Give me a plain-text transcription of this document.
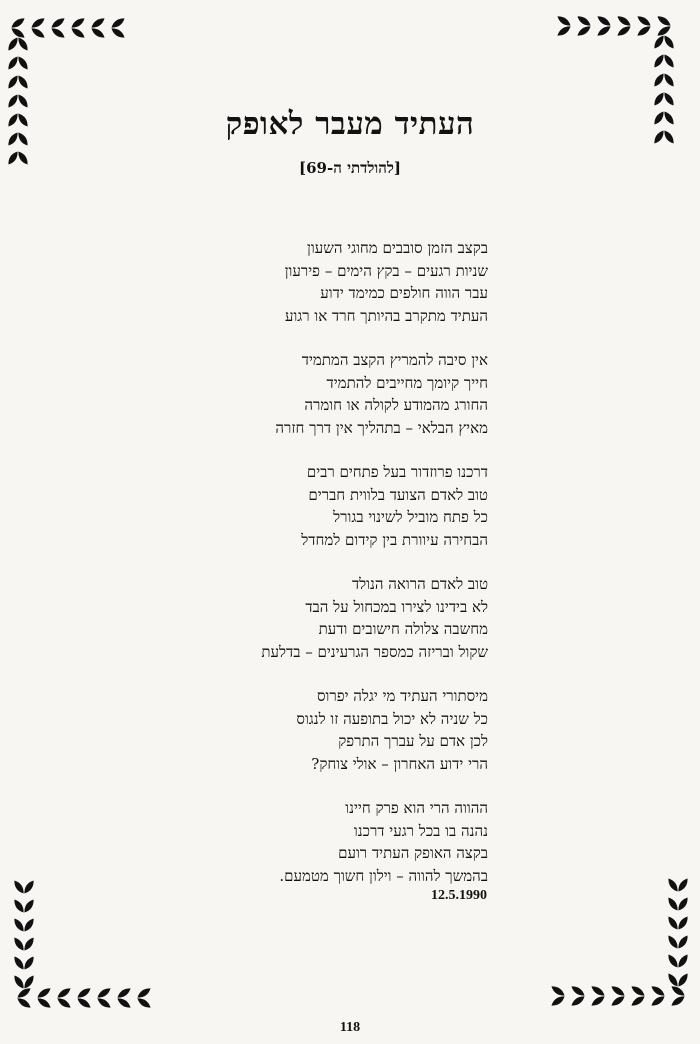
העתיד מעבר לאופק
[להולדתי ה-69]
בקצב הזמן סובבים מחוגי השעון
שניות רגעים – בקץ הימים – פירעון
עבר הווה חולפים כמימד ידוע
העתיד מתקרב בהיותך חרד או רגוע
אין סיבה להמריץ הקצב המתמיד
חייך קיומך מחייבים להתמיד
החורג מהמודע לקולה או חומרה
מאיץ הבלאי – בתהליך אין דרך חזרה
דרכנו פרוזדור בעל פתחים רבים
טוב לאדם הצועד בלווית חברים
כל פתח מוביל לשינוי בגורל
הבחירה עיוורת בין קידום למחדל
טוב לאדם הרואה הנולד
לא בידינו לצירו במכחול על הבד
מחשבה צלולה חישובים ודעת
שקול ובריזה כמספר הגרעינים – בדלעת
מיסתורי העתיד מי יגלה יפרוס
כל שניה לא יכול בתופעה זו לנגוס
לכן אדם על עברך התרפק
הרי ידוע האחרון – אולי צוחק?
ההווה הרי הוא פרק חיינו
נהנה בו בכל רגעי דרכנו
בקצה האופק העתיד רועם
בהמשך להווה – וילון חשוך מטמעם.
12.5.1990
118
